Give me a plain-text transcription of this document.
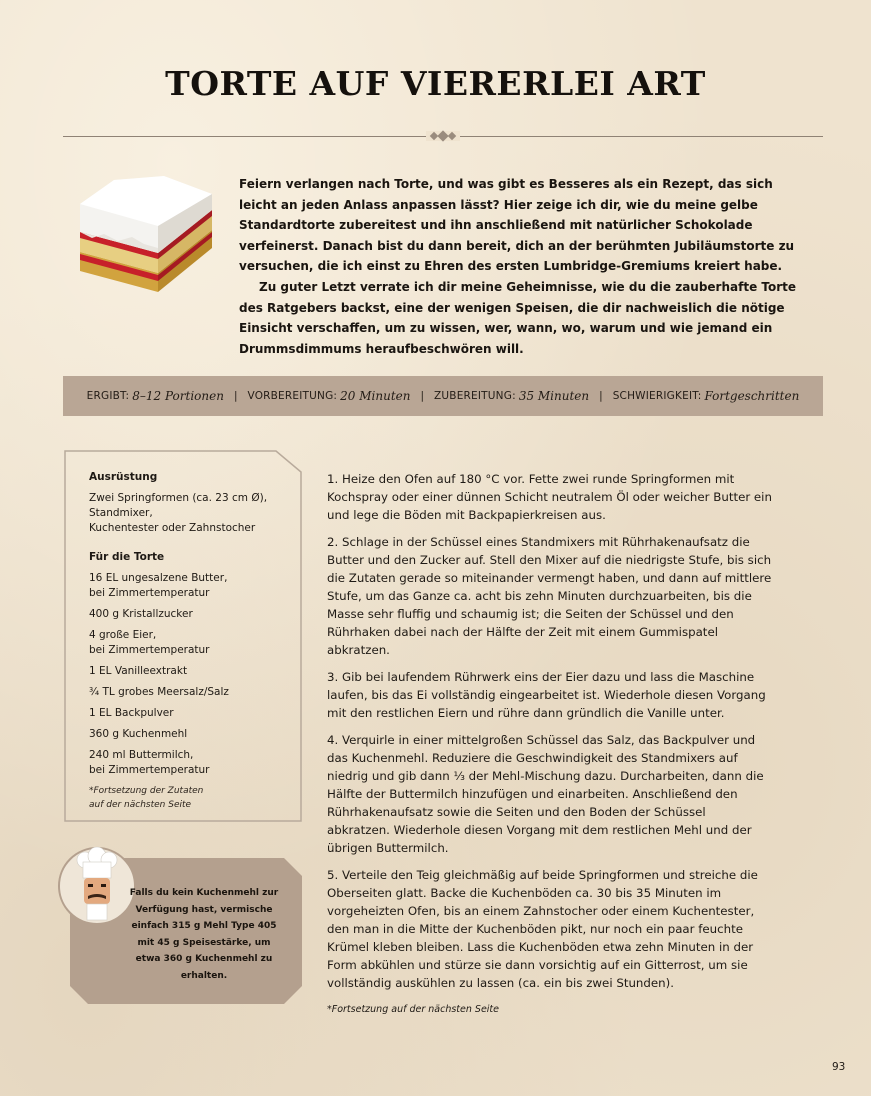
TORTE AUF VIERERLEI ART

Feiern verlangen nach Torte, und was gibt es Besseres als ein Rezept, das sich leicht an jeden Anlass anpassen lässt? Hier zeige ich dir, wie du meine gelbe Standardtorte zubereitest und ihn anschließend mit natürlicher Schokolade verfeinerst. Danach bist du dann bereit, dich an der berühmten Jubiläumstorte zu versuchen, die ich einst zu Ehren des ersten Lumbridge-Gremiums kreiert habe.

Zu guter Letzt verrate ich dir meine Geheimnisse, wie du die zauberhafte Torte des Ratgebers backst, eine der wenigen Speisen, die dir nachweislich die nötige Einsicht verschaffen, um zu wissen, wer, wann, wo, warum und wie jemand ein Drummsdimmums heraufbeschwören will.

ERGIBT: 8–12 Portionen | VORBEREITUNG: 20 Minuten | ZUBEREITUNG: 35 Minuten | SCHWIERIGKEIT: Fortgeschritten
Ausrüstung
Zwei Springformen (ca. 23 cm Ø),
Standmixer,
Kuchentester oder Zahnstocher
Für die Torte
16 EL ungesalzene Butter,
bei Zimmertemperatur
400 g Kristallzucker
4 große Eier,
bei Zimmertemperatur
1 EL Vanilleextrakt
¾ TL grobes Meersalz/Salz
1 EL Backpulver
360 g Kuchenmehl
240 ml Buttermilch,
bei Zimmertemperatur
*Fortsetzung der Zutaten
auf der nächsten Seite
Falls du kein Kuchenmehl zur Verfügung hast, vermische einfach 315 g Mehl Type 405 mit 45 g Speisestärke, um etwa 360 g Kuchenmehl zu erhalten.

1. Heize den Ofen auf 180 °C vor. Fette zwei runde Springformen mit Kochspray oder einer dünnen Schicht neutralem Öl oder weicher Butter ein und lege die Böden mit Backpapierkreisen aus.

2. Schlage in der Schüssel eines Standmixers mit Rührhakenaufsatz die Butter und den Zucker auf. Stell den Mixer auf die niedrigste Stufe, bis sich die Zutaten gerade so miteinander vermengt haben, und dann auf mittlere Stufe, um das Ganze ca. acht bis zehn Minuten durchzuarbeiten, bis die Masse sehr fluffig und schaumig ist; die Seiten der Schüssel und den Rührhaken dabei nach der Hälfte der Zeit mit einem Gummispatel abkratzen.

3. Gib bei laufendem Rührwerk eins der Eier dazu und lass die Maschine laufen, bis das Ei vollständig eingearbeitet ist. Wiederhole diesen Vorgang mit den restlichen Eiern und rühre dann gründlich die Vanille unter.

4. Verquirle in einer mittelgroßen Schüssel das Salz, das Backpulver und das Kuchenmehl. Reduziere die Geschwindigkeit des Standmixers auf niedrig und gib dann ⅓ der Mehl-Mischung dazu. Durcharbeiten, dann die Hälfte der Buttermilch hinzufügen und einarbeiten. Anschließend den Rührhakenaufsatz sowie die Seiten und den Boden der Schüssel abkratzen. Wiederhole diesen Vorgang mit dem restlichen Mehl und der übrigen Buttermilch.

5. Verteile den Teig gleichmäßig auf beide Springformen und streiche die Oberseiten glatt. Backe die Kuchenböden ca. 30 bis 35 Minuten im vorgeheizten Ofen, bis an einem Zahnstocher oder einem Kuchentester, den man in die Mitte der Kuchenböden pikt, nur noch ein paar feuchte Krümel kleben bleiben. Lass die Kuchenböden etwa zehn Minuten in der Form abkühlen und stürze sie dann vorsichtig auf ein Gitterrost, um sie vollständig auskühlen zu lassen (ca. ein bis zwei Stunden).

*Fortsetzung auf der nächsten Seite
93
